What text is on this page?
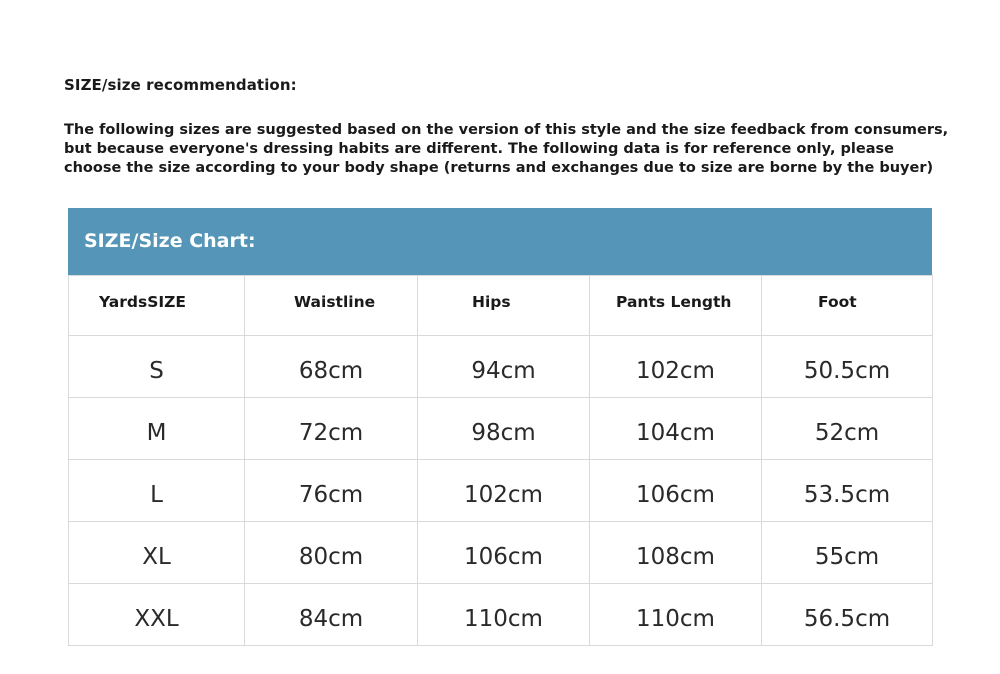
SIZE/size recommendation:
The following sizes are suggested based on the version of this style and the size feedback from consumers,
but because everyone's dressing habits are different. The following data is for reference only, please
choose the size according to your body shape (returns and exchanges due to size are borne by the buyer)
SIZE/Size Chart:
YardsSIZE	Waistline	Hips	Pants Length	Foot
S	68cm	94cm	102cm	50.5cm
M	72cm	98cm	104cm	52cm
L	76cm	102cm	106cm	53.5cm
XL	80cm	106cm	108cm	55cm
XXL	84cm	110cm	110cm	56.5cm
